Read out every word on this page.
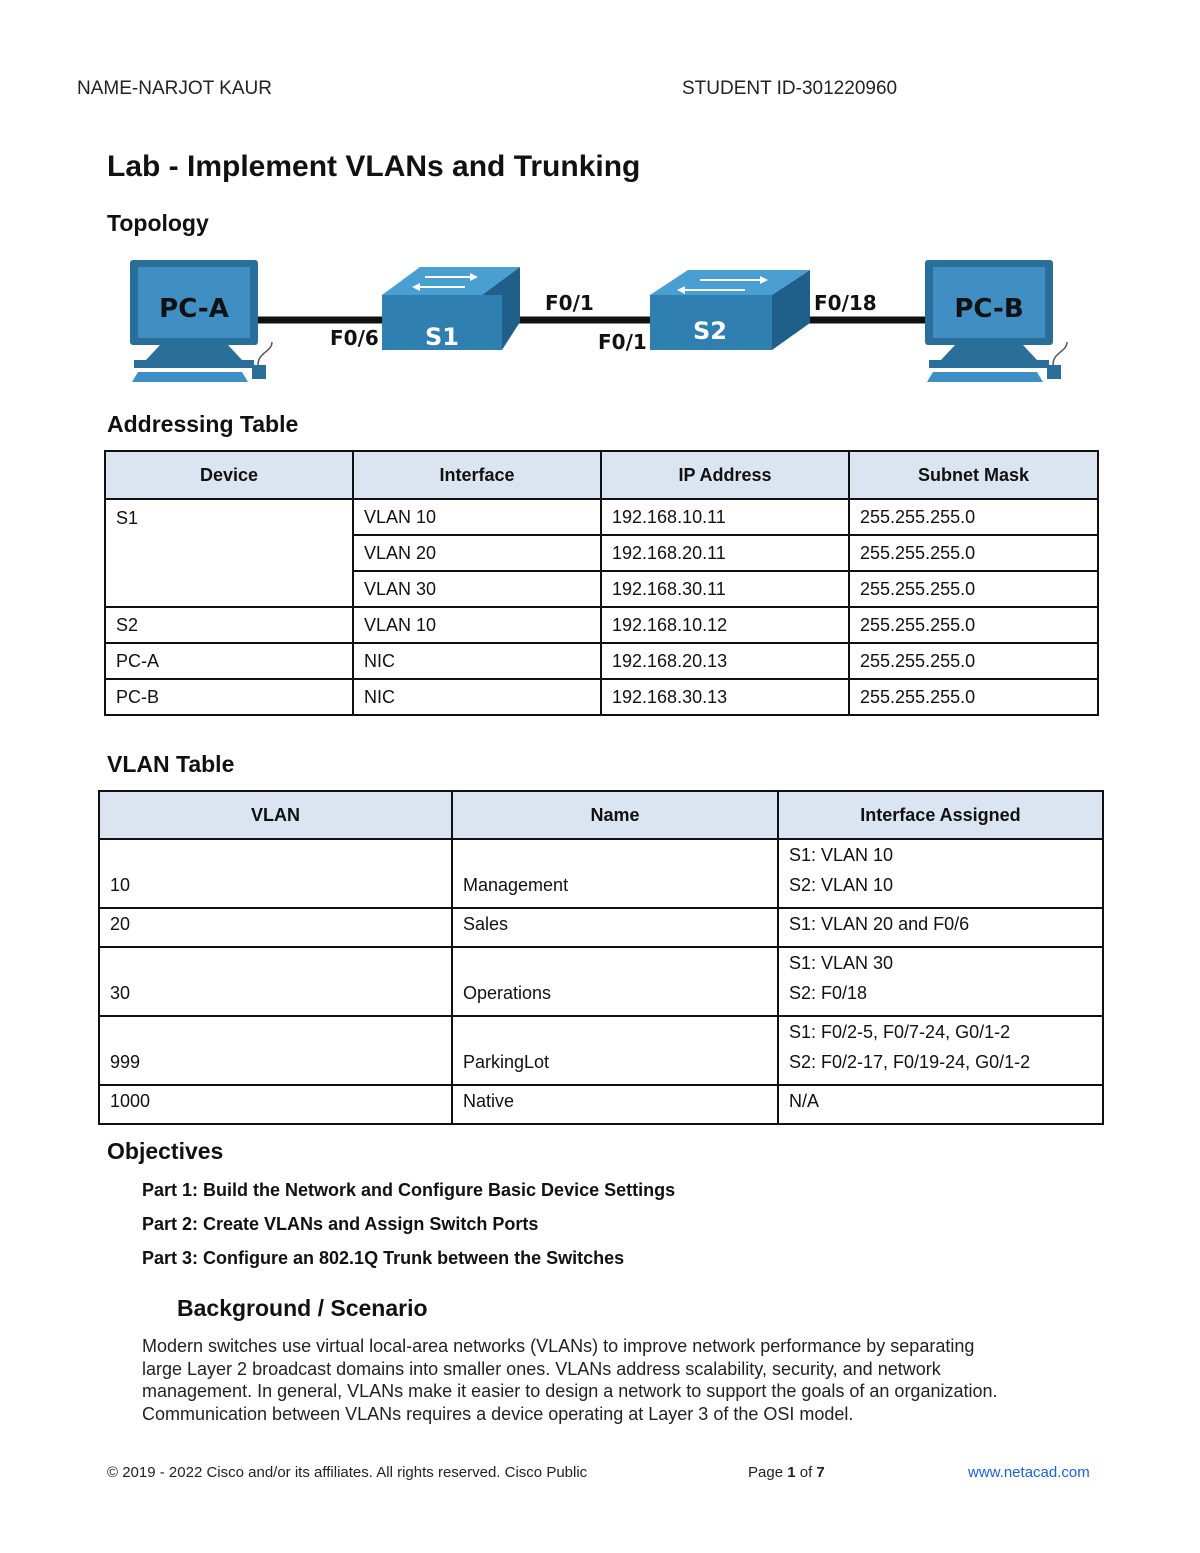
NAME-NARJOT KAUR	STUDENT ID-301220960
Lab - Implement VLANs and Trunking
Topology
PC-A
S1	S2
PC-B
F0/6
F0/1
F0/1
F0/18
Addressing Table
Device	Interface	IP Address	Subnet Mask
S1	VLAN 10	192.168.10.11	255.255.255.0
	VLAN 20	192.168.20.11	255.255.255.0
	VLAN 30	192.168.30.11	255.255.255.0
S2	VLAN 10	192.168.10.12	255.255.255.0
PC-A	NIC	192.168.20.13	255.255.255.0
PC-B	NIC	192.168.30.13	255.255.255.0
VLAN Table
VLAN	Name	Interface Assigned
10	Management	S1: VLAN 10
S2: VLAN 10

20	Sales	S1: VLAN 20 and F0/6

30	Operations	S1: VLAN 30
S2: F0/18

999	ParkingLot	S1: F0/2-5, F0/7-24, G0/1-2
S2: F0/2-17, F0/19-24, G0/1-2

1000	Native	N/A
Objectives
Part 1: Build the Network and Configure Basic Device Settings
Part 2: Create VLANs and Assign Switch Ports
Part 3: Configure an 802.1Q Trunk between the Switches
Background / Scenario
Modern switches use virtual local-area networks (VLANs) to improve network performance by separating
large Layer 2 broadcast domains into smaller ones. VLANs address scalability, security, and network
management. In general, VLANs make it easier to design a network to support the goals of an organization.
Communication between VLANs requires a device operating at Layer 3 of the OSI model.
© 2019 - 2022 Cisco and/or its affiliates. All rights reserved. Cisco Public	Page 1 of 7	www.netacad.com
